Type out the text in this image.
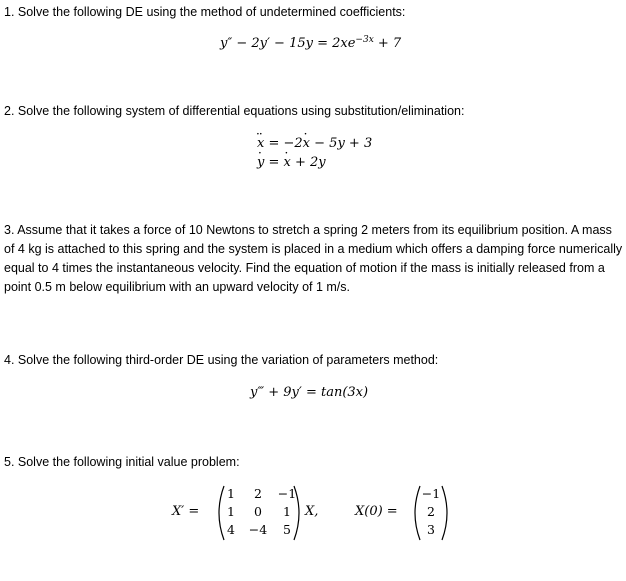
1. Solve the following DE using the method of undetermined coefficients:
$y'' - 2y' - 15y = 2xe^{-3x} + 7$
2. Solve the following system of differential equations using substitution/elimination:
·· x = −2· x − 5y + 3
· y = · x + 2y
3. Assume that it takes a force of 10 Newtons to stretch a spring 2 meters from its equilibrium position. A mass of 4 kg is attached to this spring and the system is placed in a medium which offers a damping force numerically equal to 4 times the instantaneous velocity. Find the equation of motion if the mass is initially released from a point 0.5 m below equilibrium with an upward velocity of 1 m/s.
4. Solve the following third-order DE using the variation of parameters method:
y‴ + 9y′ = tan(3x)
5. Solve the following initial value problem:
X′ =
1	2	−1
1	0	1
4	−4	5
X,	X(0) =
−1
2
3
